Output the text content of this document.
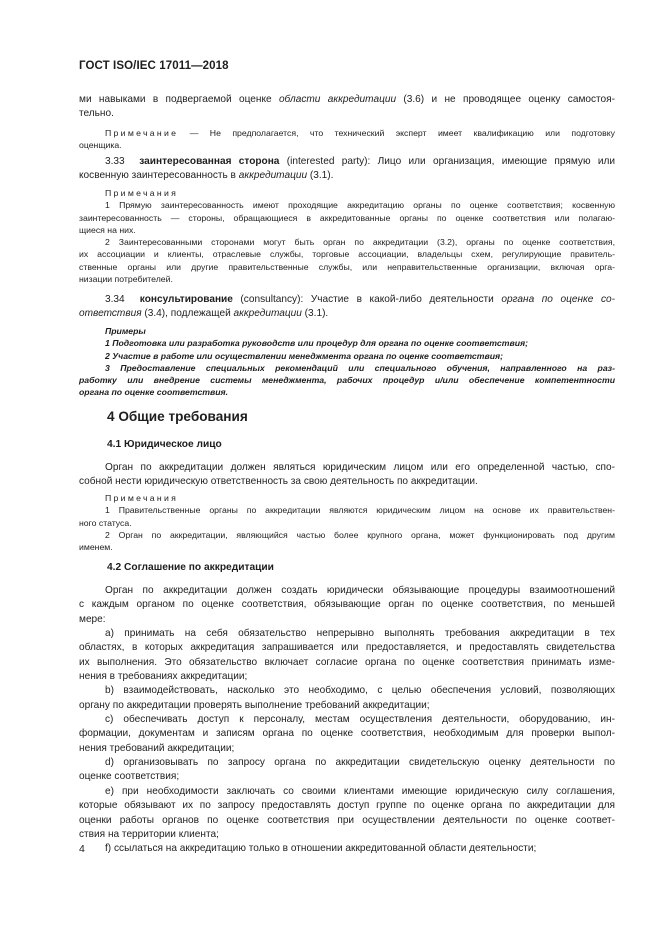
ГОСТ ISO/IEC 17011—2018
ми навыками в подвергаемой оценке области аккредитации (3.6) и не проводящее оценку самостоя-
тельно.
Примечание — Не предполагается, что технический эксперт имеет квалификацию или подготовку
оценщика.
3.33 заинтересованная сторона (interested party): Лицо или организация, имеющие прямую или
косвенную заинтересованность в аккредитации (3.1).
Примечания
1 Прямую заинтересованность имеют проходящие аккредитацию органы по оценке соответствия; косвенную
заинтересованность — стороны, обращающиеся в аккредитованные органы по оценке соответствия или полагаю-
щиеся на них.
2 Заинтересованными сторонами могут быть орган по аккредитации (3.2), органы по оценке соответствия,
их ассоциации и клиенты, отраслевые службы, торговые ассоциации, владельцы схем, регулирующие правитель-
ственные органы или другие правительственные службы, или неправительственные организации, включая орга-
низации потребителей.
3.34 консультирование (consultancy): Участие в какой-либо деятельности органа по оценке со-
ответствия (3.4), подлежащей аккредитации (3.1).
Примеры
1 Подготовка или разработка руководств или процедур для органа по оценке соответствия;
2 Участие в работе или осуществлении менеджмента органа по оценке соответствия;
3 Предоставление специальных рекомендаций или специального обучения, направленного на раз-
работку или внедрение системы менеджмента, рабочих процедур и/или обеспечение компетентности
органа по оценке соответствия.
4 Общие требования
4.1 Юридическое лицо
Орган по аккредитации должен являться юридическим лицом или его определенной частью, спо-
собной нести юридическую ответственность за свою деятельность по аккредитации.
Примечания
1 Правительственные органы по аккредитации являются юридическим лицом на основе их правительствен-
ного статуса.
2 Орган по аккредитации, являющийся частью более крупного органа, может функционировать под другим
именем.
4.2 Соглашение по аккредитации
Орган по аккредитации должен создать юридически обязывающие процедуры взаимоотношений
с каждым органом по оценке соответствия, обязывающие орган по оценке соответствия, по меньшей
мере:
a) принимать на себя обязательство непрерывно выполнять требования аккредитации в тех
областях, в которых аккредитация запрашивается или предоставляется, и предоставлять свидетельства
их выполнения. Это обязательство включает согласие органа по оценке соответствия принимать изме-
нения в требованиях аккредитации;
b) взаимодействовать, насколько это необходимо, с целью обеспечения условий, позволяющих
органу по аккредитации проверять выполнение требований аккредитации;
c) обеспечивать доступ к персоналу, местам осуществления деятельности, оборудованию, ин-
формации, документам и записям органа по оценке соответствия, необходимым для проверки выпол-
нения требований аккредитации;
d) организовывать по запросу органа по аккредитации свидетельскую оценку деятельности по
оценке соответствия;
e) при необходимости заключать со своими клиентами имеющие юридическую силу соглашения,
которые обязывают их по запросу предоставлять доступ группе по оценке органа по аккредитации для
оценки работы органов по оценке соответствия при осуществлении деятельности по оценке соответ-
ствия на территории клиента;
f) ссылаться на аккредитацию только в отношении аккредитованной области деятельности;
4
